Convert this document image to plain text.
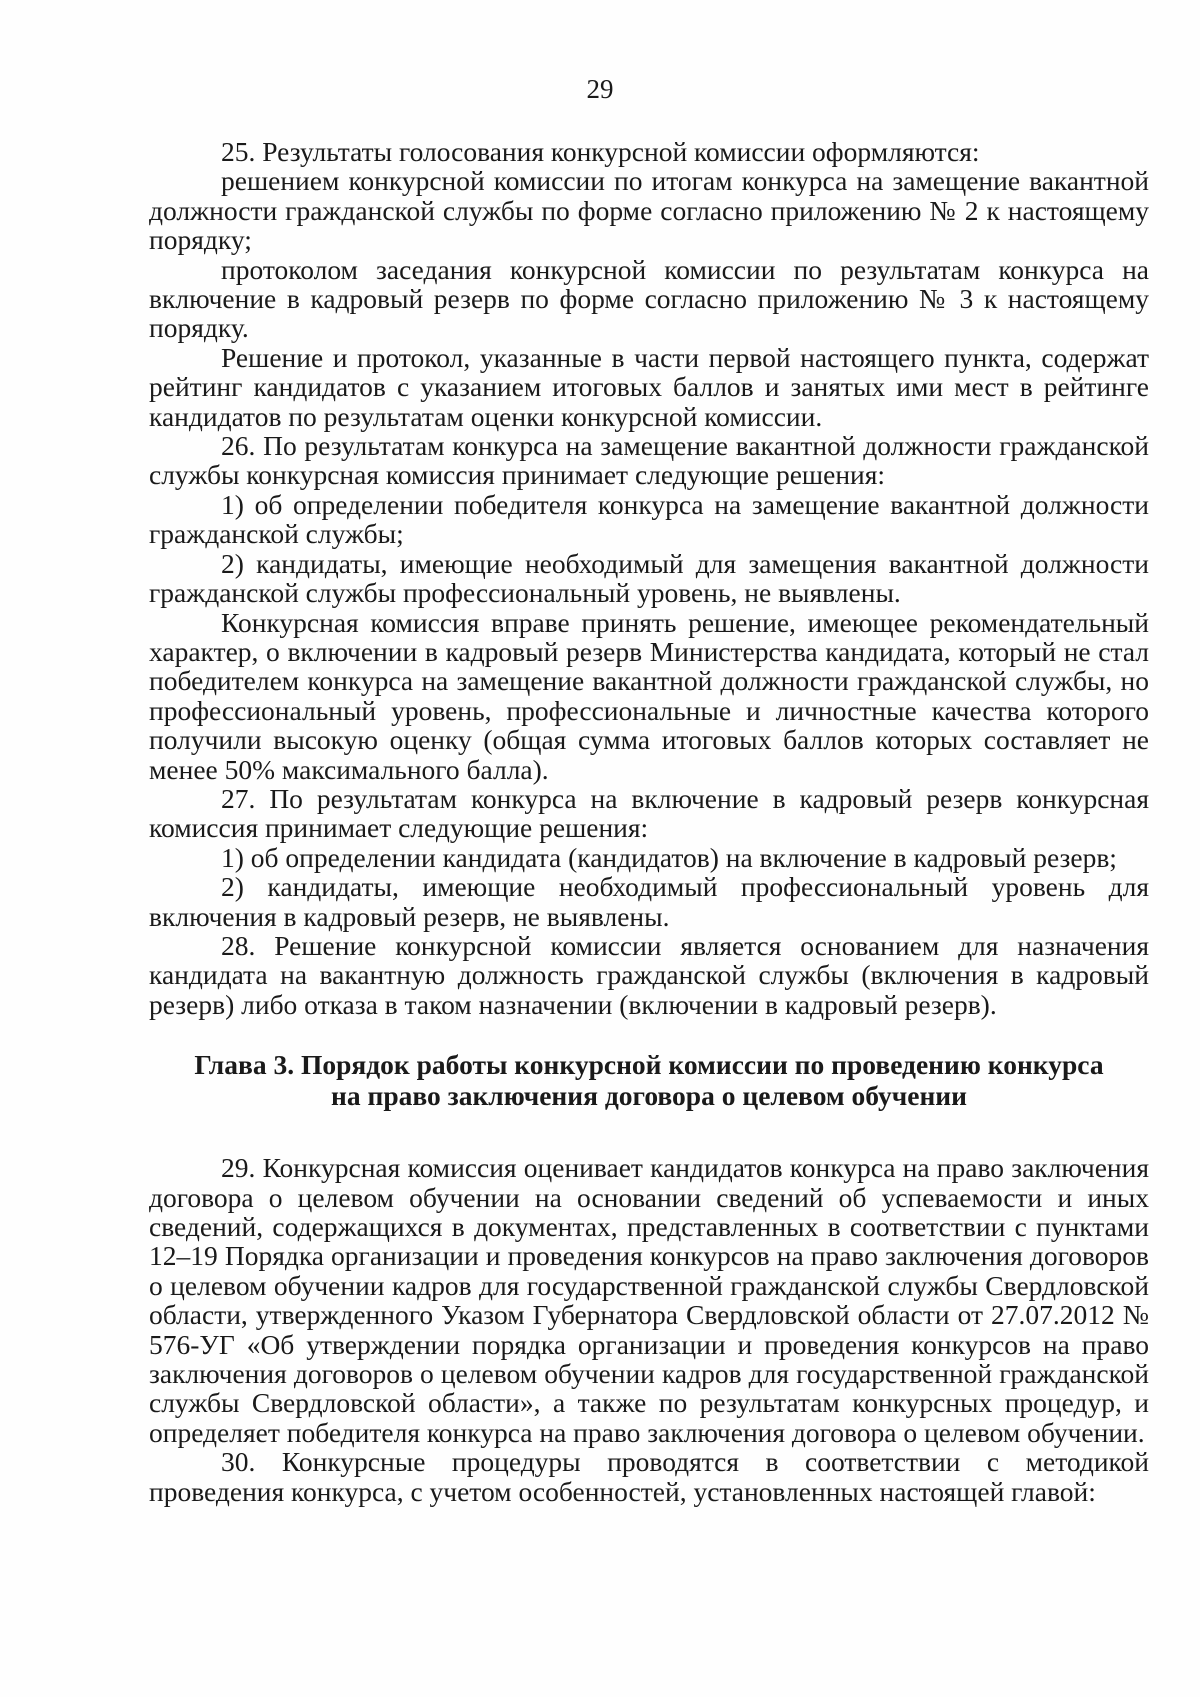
29

25. Результаты голосования конкурсной комиссии оформляются:

решением конкурсной комиссии по итогам конкурса на замещение вакантной должности гражданской службы по форме согласно приложению № 2 к настоящему порядку;

протоколом заседания конкурсной комиссии по результатам конкурса на включение в кадровый резерв по форме согласно приложению № 3 к настоящему порядку.

Решение и протокол, указанные в части первой настоящего пункта, содержат рейтинг кандидатов с указанием итоговых баллов и занятых ими мест в рейтинге кандидатов по результатам оценки конкурсной комиссии.

26. По результатам конкурса на замещение вакантной должности гражданской службы конкурсная комиссия принимает следующие решения:

1) об определении победителя конкурса на замещение вакантной должности гражданской службы;

2) кандидаты, имеющие необходимый для замещения вакантной должности гражданской службы профессиональный уровень, не выявлены.

Конкурсная комиссия вправе принять решение, имеющее рекомендательный характер, о включении в кадровый резерв Министерства кандидата, который не стал победителем конкурса на замещение вакантной должности гражданской службы, но профессиональный уровень, профессиональные и личностные качества которого получили высокую оценку (общая сумма итоговых баллов которых составляет не менее 50% максимального балла).

27. По результатам конкурса на включение в кадровый резерв конкурсная комиссия принимает следующие решения:

1) об определении кандидата (кандидатов) на включение в кадровый резерв;

2) кандидаты, имеющие необходимый профессиональный уровень для включения в кадровый резерв, не выявлены.

28. Решение конкурсной комиссии является основанием для назначения кандидата на вакантную должность гражданской службы (включения в кадровый резерв) либо отказа в таком назначении (включении в кадровый резерв).

Глава 3. Порядок работы конкурсной комиссии по проведению конкурса
на право заключения договора о целевом обучении

29. Конкурсная комиссия оценивает кандидатов конкурса на право заключения договора о целевом обучении на основании сведений об успеваемости и иных сведений, содержащихся в документах, представленных в соответствии с пунктами 12–19 Порядка организации и проведения конкурсов на право заключения договоров о целевом обучении кадров для государственной гражданской службы Свердловской области, утвержденного Указом Губернатора Свердловской области от 27.07.2012 № 576-УГ «Об утверждении порядка организации и проведения конкурсов на право заключения договоров о целевом обучении кадров для государственной гражданской службы Свердловской области», а также по результатам конкурсных процедур, и определяет победителя конкурса на право заключения договора о целевом обучении.

30. Конкурсные процедуры проводятся в соответствии с методикой проведения конкурса, с учетом особенностей, установленных настоящей главой:
